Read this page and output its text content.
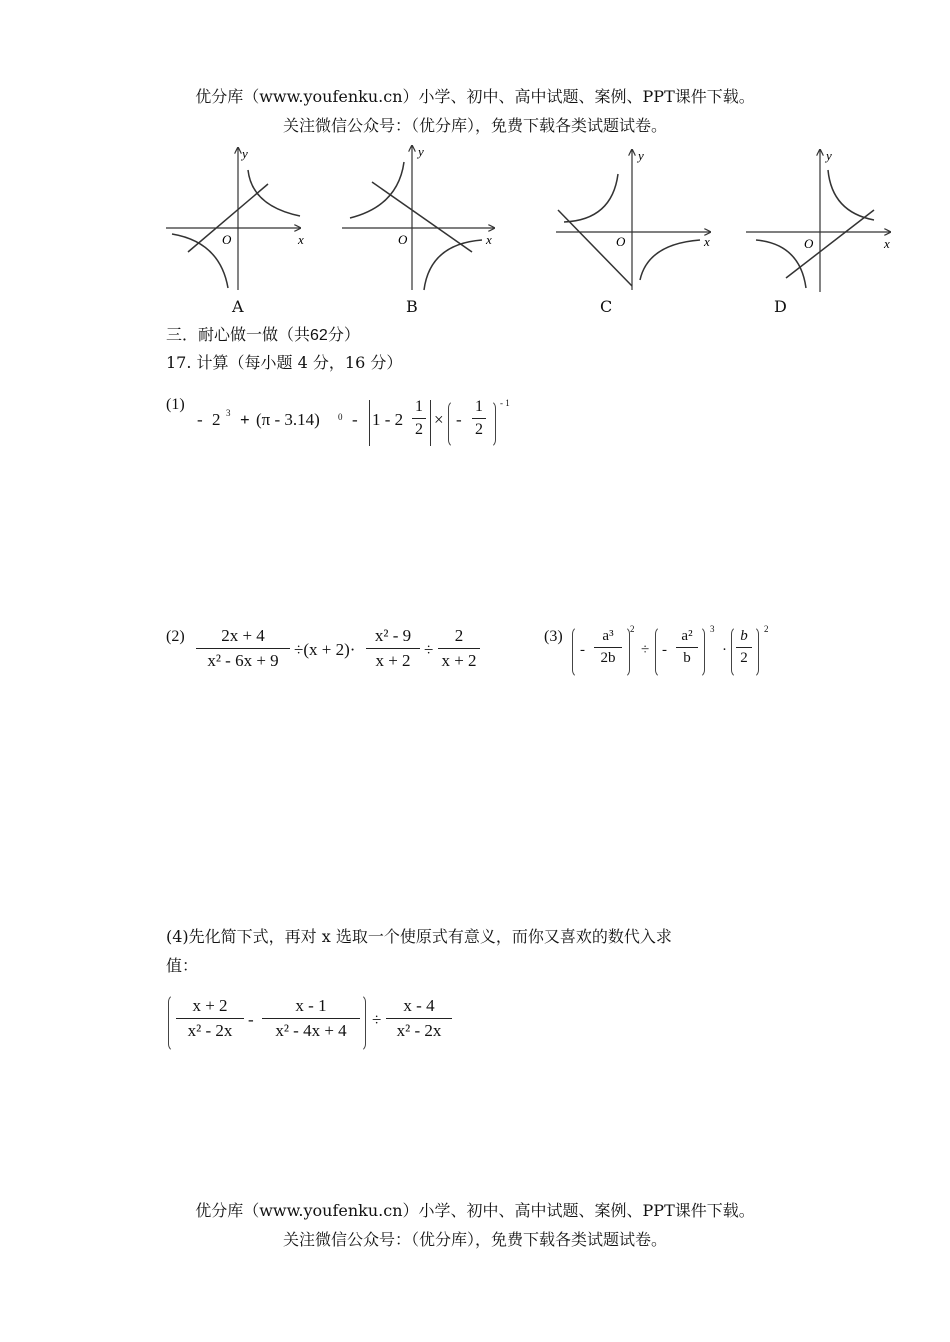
优分库（www.youfenku.cn）小学、初中、高中试题、案例、PPT课件下载。
关注微信公众号：（优分库），免费下载各类试题试卷。
y
x
O
y
x
O
y
x
O
y
x
O
A	B	C	D
三．耐心做一做（共62分）
17. 计算（每小题 4 分，16 分）
(1)
- 2 3 + (π - 3.14) 0 - 1 - 2
1
2
× -
1
2
- 1
(2)	2x + 4
x² - 6x + 9
÷(x + 2)·
x² - 9
x + 2
÷
2
x + 2
(3)
-
a³
2b
2
÷ -
a²
b
3
·
b
2
2
(4)先化简下式，再对 x 选取一个使原式有意义，而你又喜欢的数代入求
值：
x + 2
x² - 2x
-
x - 1
x² - 4x + 4
÷
x - 4
x² - 2x
优分库（www.youfenku.cn）小学、初中、高中试题、案例、PPT课件下载。
关注微信公众号：（优分库），免费下载各类试题试卷。
